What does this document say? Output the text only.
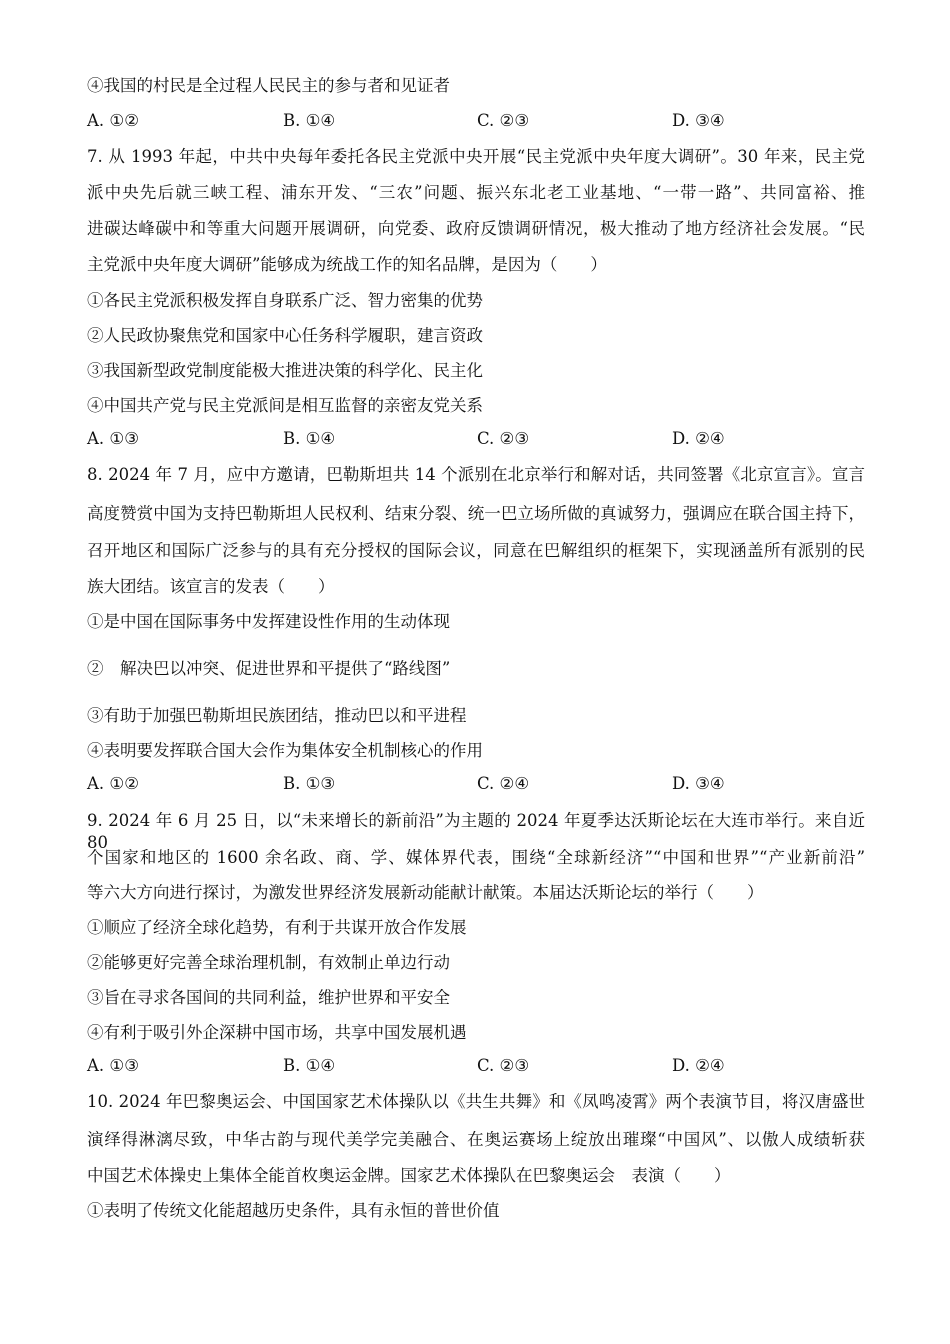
④我国的村民是全过程人民民主的参与者和见证者
A. ①②	B. ①④	C. ②③	D. ③④
7. 从 1993 年起，中共中央每年委托各民主党派中央开展“民主党派中央年度大调研”。30 年来，民主党
派中央先后就三峡工程、浦东开发、“三农”问题、振兴东北老工业基地、“一带一路”、共同富裕、推
进碳达峰碳中和等重大问题开展调研，向党委、政府反馈调研情况，极大推动了地方经济社会发展。“民
主党派中央年度大调研”能够成为统战工作的知名品牌，是因为（　　）
①各民主党派积极发挥自身联系广泛、智力密集的优势
②人民政协聚焦党和国家中心任务科学履职，建言资政
③我国新型政党制度能极大推进决策的科学化、民主化
④中国共产党与民主党派间是相互监督的亲密友党关系
A. ①③	B. ①④	C. ②③	D. ②④
8. 2024 年 7 月，应中方邀请，巴勒斯坦共 14 个派别在北京举行和解对话，共同签署《北京宣言》。宣言
高度赞赏中国为支持巴勒斯坦人民权利、结束分裂、统一巴立场所做的真诚努力，强调应在联合国主持下，
召开地区和国际广泛参与的具有充分授权的国际会议，同意在巴解组织的框架下，实现涵盖所有派别的民
族大团结。该宣言的发表（　　）
①是中国在国际事务中发挥建设性作用的生动体现
②　解决巴以冲突、促进世界和平提供了“路线图”
③有助于加强巴勒斯坦民族团结，推动巴以和平进程
④表明要发挥联合国大会作为集体安全机制核心的作用
A. ①②	B. ①③	C. ②④	D. ③④
9. 2024 年 6 月 25 日，以“未来增长的新前沿”为主题的 2024 年夏季达沃斯论坛在大连市举行。来自近 80
个国家和地区的 1600 余名政、商、学、媒体界代表，围绕“全球新经济”“中国和世界”“产业新前沿”
等六大方向进行探讨，为激发世界经济发展新动能献计献策。本届达沃斯论坛的举行（　　）
①顺应了经济全球化趋势，有利于共谋开放合作发展
②能够更好完善全球治理机制，有效制止单边行动
③旨在寻求各国间的共同利益，维护世界和平安全
④有利于吸引外企深耕中国市场，共享中国发展机遇
A. ①③	B. ①④	C. ②③	D. ②④
10. 2024 年巴黎奥运会、中国国家艺术体操队以《共生共舞》和《凤鸣凌霄》两个表演节目，将汉唐盛世
演绎得淋漓尽致，中华古韵与现代美学完美融合、在奥运赛场上绽放出璀璨“中国风”、以傲人成绩斩获
中国艺术体操史上集体全能首枚奥运金牌。国家艺术体操队在巴黎奥运会　表演（　　）
①表明了传统文化能超越历史条件，具有永恒的普世价值
